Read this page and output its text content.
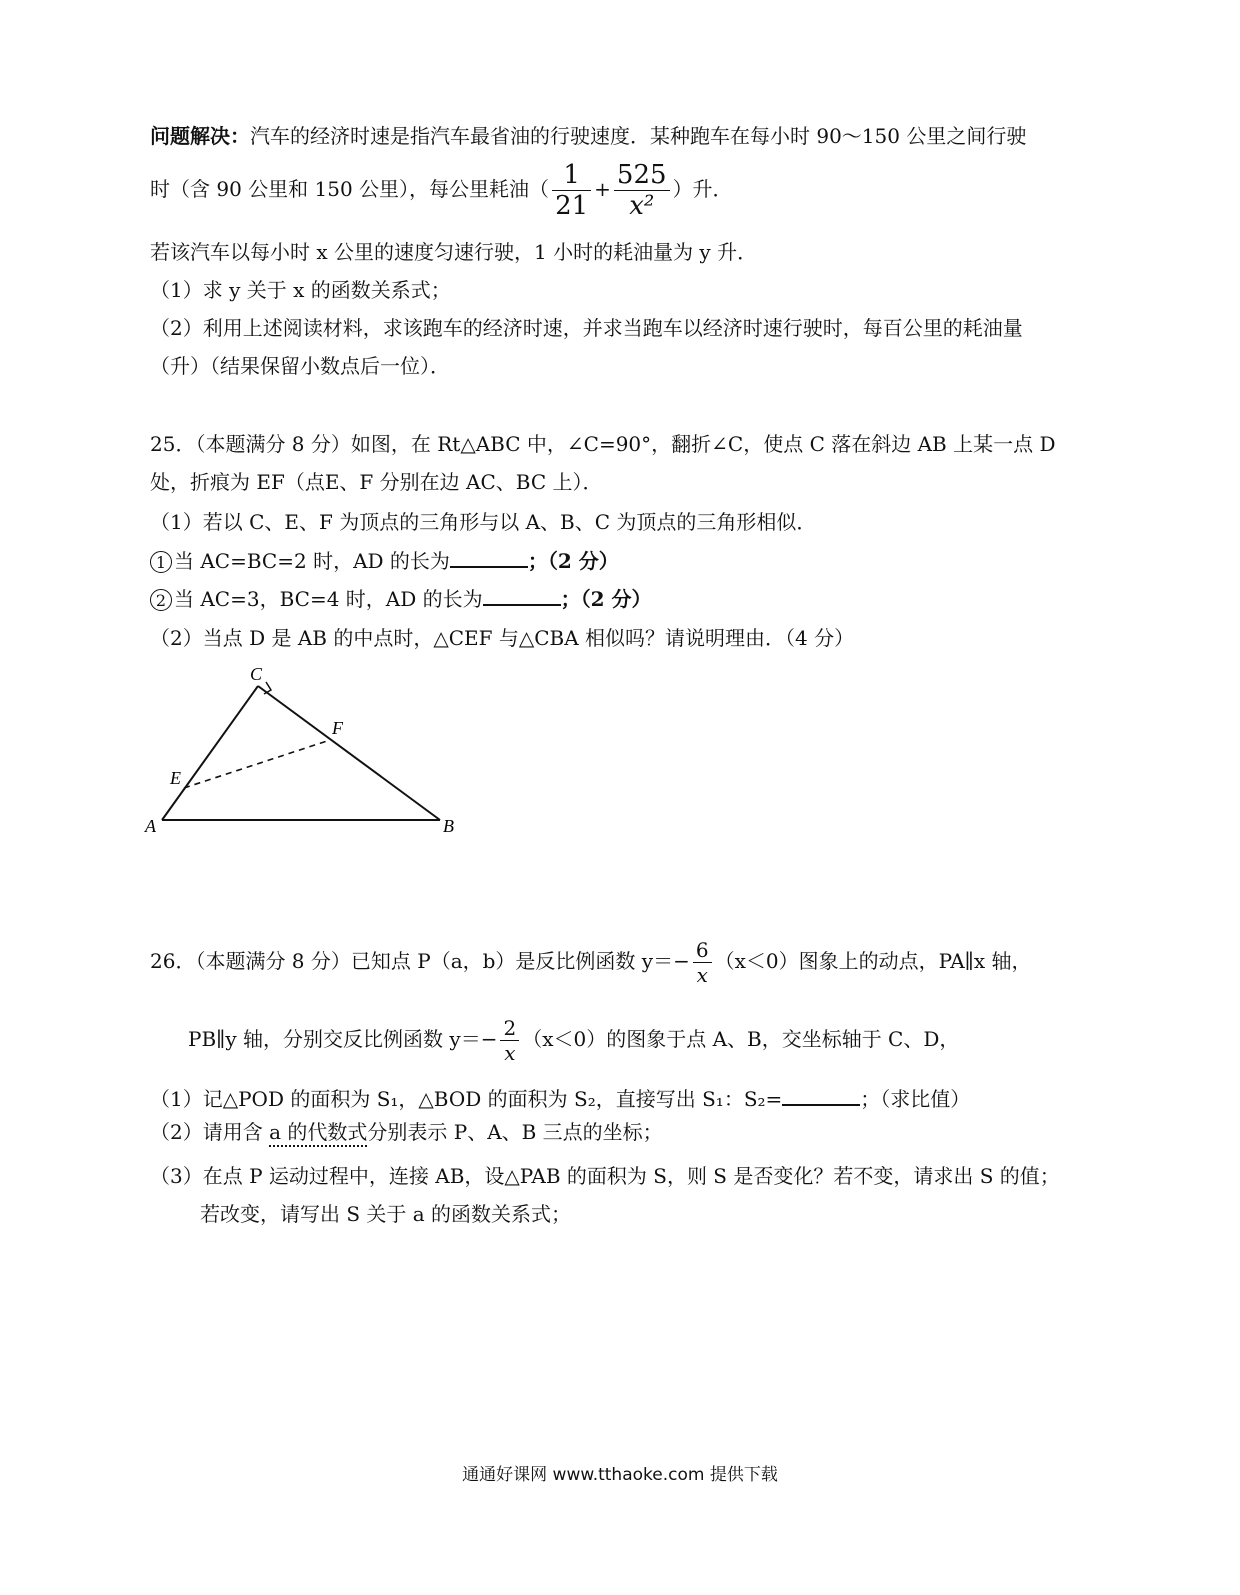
问题解决：汽车的经济时速是指汽车最省油的行驶速度．某种跑车在每小时 90～150 公里之间行驶
时（含 90 公里和 150 公里），每公里耗油（ $\frac{1}{21} + \frac{525}{\text{x²}}$ ）升．
若该汽车以每小时 x 公里的速度匀速行驶，1 小时的耗油量为 y 升．
（1）求 y 关于 x 的函数关系式；
（2）利用上述阅读材料，求该跑车的经济时速，并求当跑车以经济时速行驶时，每百公里的耗油量
（升）（结果保留小数点后一位）．
25．（本题满分 8 分）如图，在 Rt△ABC 中，∠C=90°，翻折∠C，使点 C 落在斜边 AB 上某一点 D
处，折痕为 EF（点E、F 分别在边 AC、BC 上）．
（1）若以 C、E、F 为顶点的三角形与以 A、B、C 为顶点的三角形相似．
1 当 AC=BC=2 时，AD 的长为	；（2 分）
2 当 AC=3，BC=4 时，AD 的长为	；（2 分）
（2）当点 D 是 AB 的中点时，△CEF 与△CBA 相似吗？请说明理由．（4 分）
A	B
C
E
F
26．（本题满分 8 分）已知点 P（a，b）是反比例函数 $y=- \frac{6}{x} (x<0)$图象上的动点，PA∥x 轴，
PB∥y 轴，分别交反比例函数 $y=- \frac{2}{x} (x<0)$的图象于点 A、B，交坐标轴于 C、D，
（1）记△POD 的面积为 S₁，△BOD 的面积为 S₂，直接写出 S₁：S₂=	；（求比值）
（2）请用含 a 的代数式分别表示 P、A、B 三点的坐标；
（3）在点 P 运动过程中，连接 AB，设△PAB 的面积为 S，则 S 是否变化？若不变，请求出 S 的值；
若改变，请写出 S 关于 a 的函数关系式；
通通好课网 www.tthaoke.com 提供下载
